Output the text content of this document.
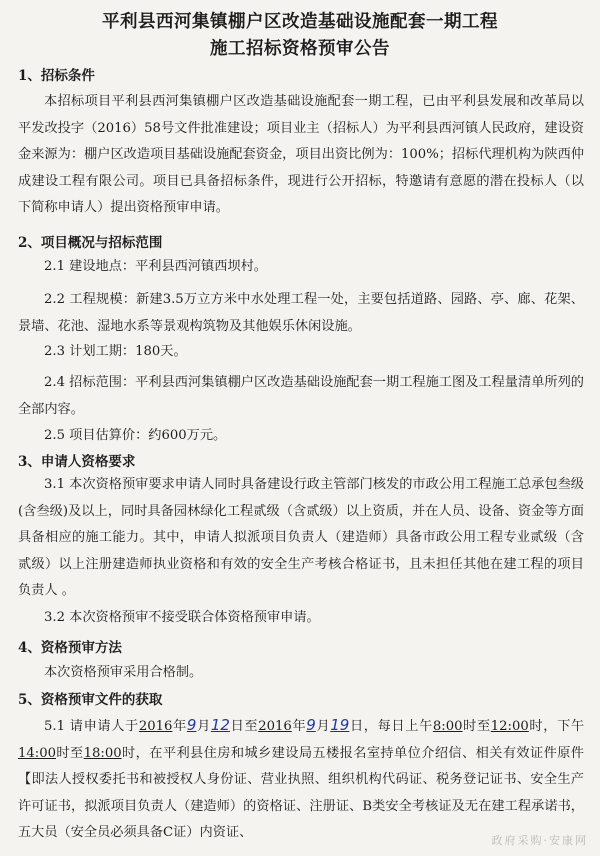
平利县西河集镇棚户区改造基础设施配套一期工程
施工招标资格预审公告
1、招标条件

本招标项目平利县西河集镇棚户区改造基础设施配套一期工程，已由平利县发展和改革局以平发改投字（2016）58号文件批准建设；项目业主（招标人）为平利县西河镇人民政府，建设资金来源为：棚户区改造项目基础设施配套资金，项目出资比例为：100%；招标代理机构为陕西仲成建设工程有限公司。项目已具备招标条件，现进行公开招标，特邀请有意愿的潜在投标人（以下简称申请人）提出资格预审申请。

2、项目概况与招标范围

2.1 建设地点：平利县西河镇西坝村。

2.2 工程规模：新建3.5万立方米中水处理工程一处，主要包括道路、园路、亭、廊、花架、景墙、花池、湿地水系等景观构筑物及其他娱乐休闲设施。

2.3 计划工期：180天。

2.4 招标范围：平利县西河集镇棚户区改造基础设施配套一期工程施工图及工程量清单所列的全部内容。

2.5 项目估算价：约600万元。

3、申请人资格要求

3.1 本次资格预审要求申请人同时具备建设行政主管部门核发的市政公用工程施工总承包叁级(含叁级)及以上，同时具备园林绿化工程贰级（含贰级）以上资质，并在人员、设备、资金等方面具备相应的施工能力。其中，申请人拟派项目负责人（建造师）具备市政公用工程专业贰级（含贰级）以上注册建造师执业资格和有效的安全生产考核合格证书，且未担任其他在建工程的项目负责人 。

3.2 本次资格预审不接受联合体资格预审申请。

4、资格预审方法

本次资格预审采用合格制。

5、资格预审文件的获取

5.1 请申请人于2016年9月12日至2016年9月19日，每日上午8:00时至12:00时，下午14:00时至18:00时，在平利县住房和城乡建设局五楼报名室持单位介绍信、相关有效证件原件【即法人授权委托书和被授权人身份证、营业执照、组织机构代码证、税务登记证书、安全生产许可证书，拟派项目负责人（建造师）的资格证、注册证、B类安全考核证及无在建工程承诺书，五大员（安全员必须具备C证）内资证、

政府采购·安康网
